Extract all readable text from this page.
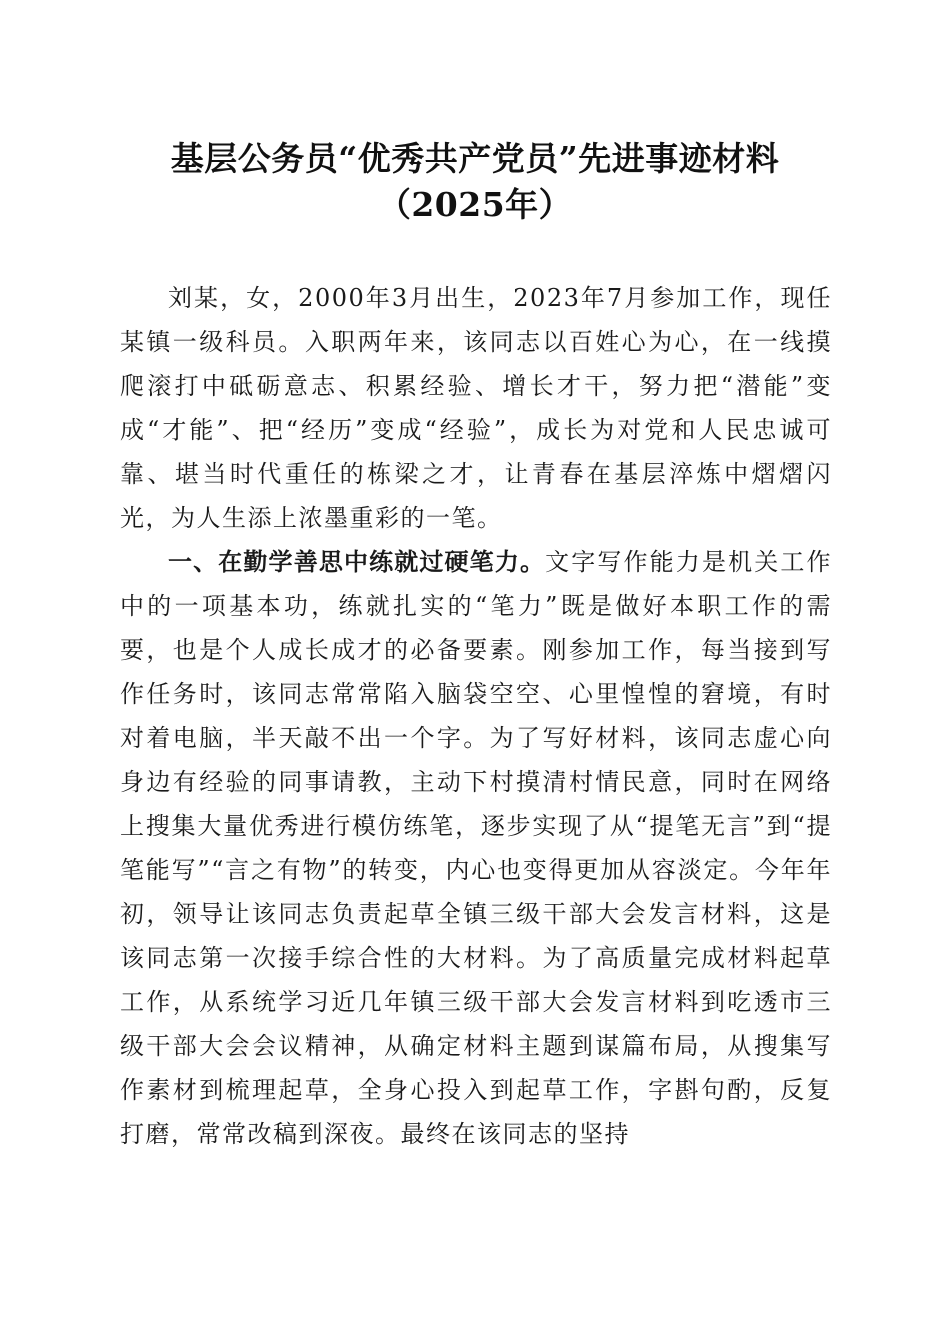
基层公务员“优秀共产党员”先进事迹材料
（2025年）

刘某，女，2000年3月出生，2023年7月参加工作，现任某镇一级科员。入职两年来，该同志以百姓心为心，在一线摸爬滚打中砥砺意志、积累经验、增长才干，努力把“潜能”变成“才能”、把“经历”变成“经验”，成长为对党和人民忠诚可靠、堪当时代重任的栋梁之才，让青春在基层淬炼中熠熠闪光，为人生添上浓墨重彩的一笔。

一、在勤学善思中练就过硬笔力。文字写作能力是机关工作中的一项基本功，练就扎实的“笔力”既是做好本职工作的需要，也是个人成长成才的必备要素。刚参加工作，每当接到写作任务时，该同志常常陷入脑袋空空、心里惶惶的窘境，有时对着电脑，半天敲不出一个字。为了写好材料，该同志虚心向身边有经验的同事请教，主动下村摸清村情民意，同时在网络上搜集大量优秀进行模仿练笔，逐步实现了从“提笔无言”到“提笔能写”“言之有物”的转变，内心也变得更加从容淡定。今年年初，领导让该同志负责起草全镇三级干部大会发言材料，这是该同志第一次接手综合性的大材料。为了高质量完成材料起草工作，从系统学习近几年镇三级干部大会发言材料到吃透市三级干部大会会议精神，从确定材料主题到谋篇布局，从搜集写作素材到梳理起草，全身心投入到起草工作，字斟句酌，反复打磨，常常改稿到深夜。最终在该同志的坚持
